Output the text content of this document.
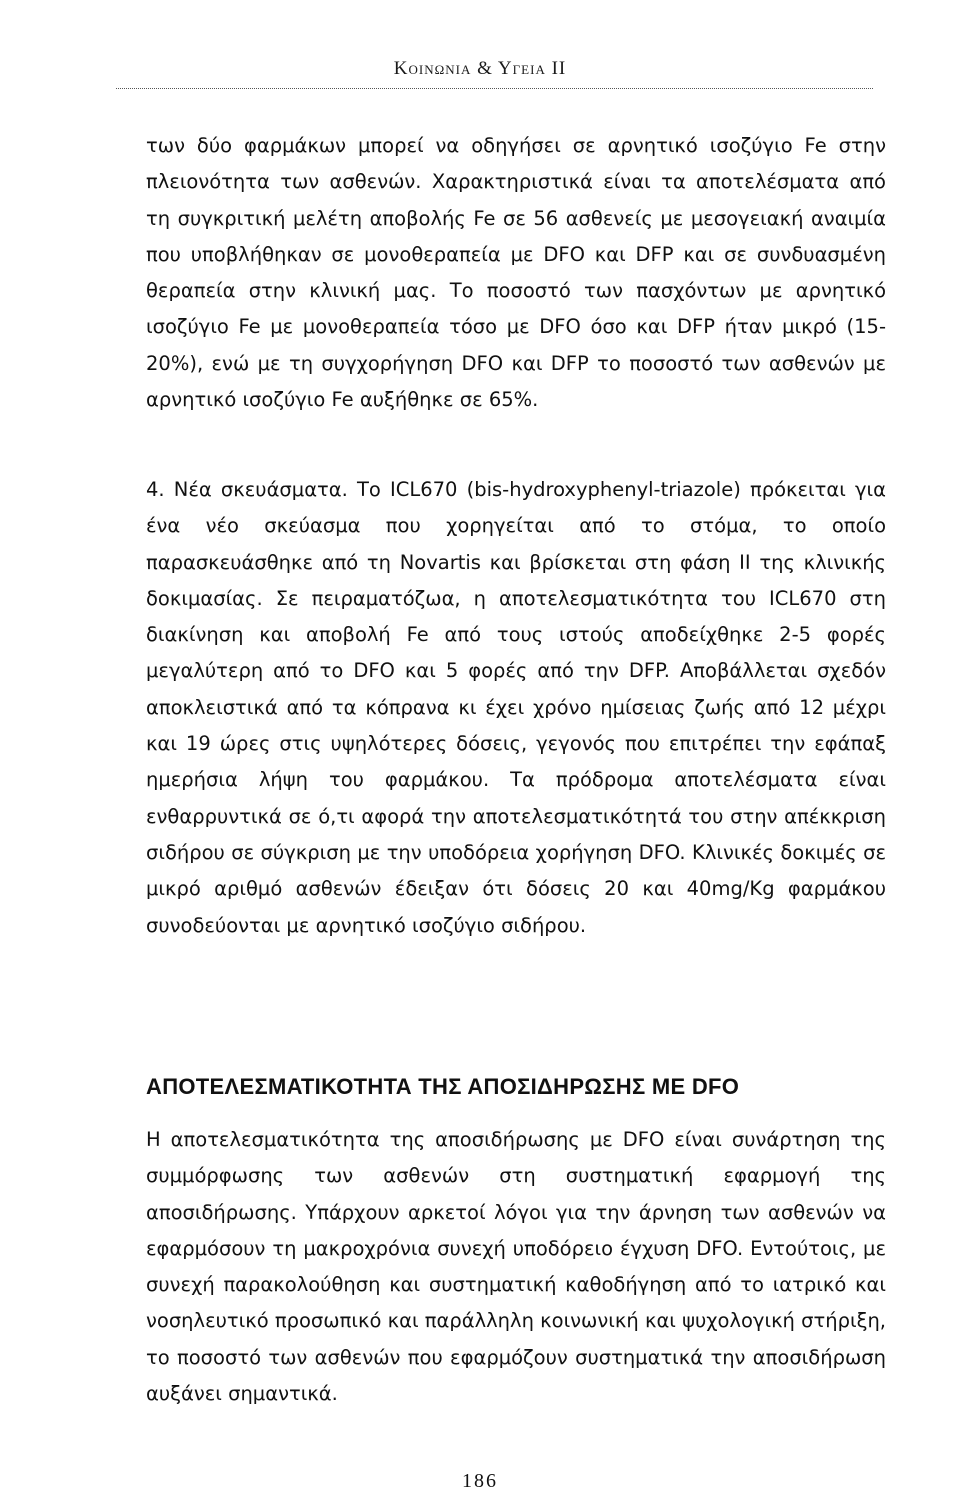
Κοινωνια & Υγεια ΙΙ

των δύο φαρμάκων μπορεί να οδηγήσει σε αρνητικό ισοζύγιο Fe στην πλειονότητα των ασθενών. Χαρακτηριστικά είναι τα αποτελέσματα από τη συγκριτική μελέτη αποβολής Fe σε 56 ασθενείς με μεσογειακή αναιμία που υποβλήθηκαν σε μονοθεραπεία με DFO και DFP και σε συνδυασμένη θεραπεία στην κλινική μας. Το ποσοστό των πασχόντων με αρνητικό ισοζύγιο Fe με μονοθεραπεία τόσο με DFO όσο και DFP ήταν μικρό (15-20%), ενώ με τη συγχορήγηση DFO και DFP το ποσοστό των ασθενών με αρνητικό ισοζύγιο Fe αυξήθηκε σε 65%.

4. Νέα σκευάσματα. Το ICL670 (bis-hydroxyphenyl-triazole) πρόκειται για ένα νέο σκεύασμα που χορηγείται από το στόμα, το οποίο παρασκευάσθηκε από τη Novartis και βρίσκεται στη φάση ΙΙ της κλινικής δοκιμασίας. Σε πειραματόζωα, η αποτελεσματικότητα του ICL670 στη διακίνηση και αποβολή Fe από τους ιστούς αποδείχθηκε 2-5 φορές μεγαλύτερη από το DFO και 5 φορές από την DFP. Αποβάλλεται σχεδόν αποκλειστικά από τα κόπρανα κι έχει χρόνο ημίσειας ζωής από 12 μέχρι και 19 ώρες στις υψηλότερες δόσεις, γεγονός που επιτρέπει την εφάπαξ ημερήσια λήψη του φαρμάκου. Τα πρόδρομα αποτελέσματα είναι ενθαρρυντικά σε ό,τι αφορά την αποτελεσματικότητά του στην απέκκριση σιδήρου σε σύγκριση με την υποδόρεια χορήγηση DFO. Κλινικές δοκιμές σε μικρό αριθμό ασθενών έδειξαν ότι δόσεις 20 και 40mg/Kg φαρμάκου συνοδεύονται με αρνητικό ισοζύγιο σιδήρου.

ΑΠΟΤΕΛΕΣΜΑΤΙΚΟΤΗΤΑ ΤΗΣ ΑΠΟΣΙΔΗΡΩΣΗΣ ΜΕ DFO

Η αποτελεσματικότητα της αποσιδήρωσης με DFO είναι συνάρτηση της συμμόρφωσης των ασθενών στη συστηματική εφαρμογή της αποσιδήρωσης. Υπάρχουν αρκετοί λόγοι για την άρνηση των ασθενών να εφαρμόσουν τη μακροχρόνια συνεχή υποδόρειο έγχυση DFO. Εντούτοις, με συνεχή παρακολούθηση και συστηματική καθοδήγηση από το ιατρικό και νοσηλευτικό προσωπικό και παράλληλη κοινωνική και ψυχολογική στήριξη, το ποσοστό των ασθενών που εφαρμόζουν συστηματικά την αποσιδήρωση αυξάνει σημαντικά.

186
